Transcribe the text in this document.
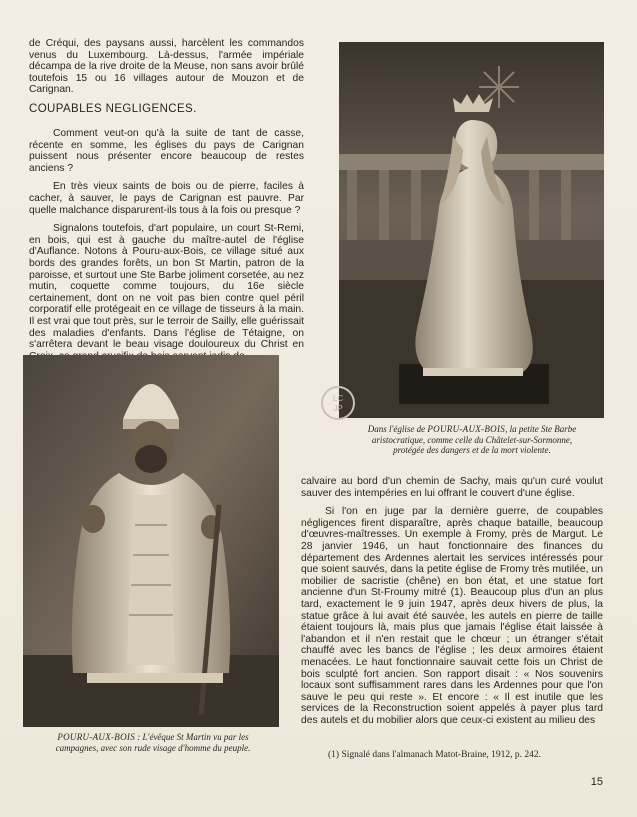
de Créqui, des paysans aussi, harcèlent les commandos venus du Luxembourg. Là-dessus, l'armée impériale décampa de la rive droite de la Meuse, non sans avoir brûlé toutefois 15 ou 16 villages autour de Mouzon et de Carignan.

COUPABLES NEGLIGENCES.

Comment veut-on qu'à la suite de tant de casse, récente en somme, les églises du pays de Carignan puissent nous présenter encore beaucoup de restes anciens ?

En très vieux saints de bois ou de pierre, faciles à cacher, à sauver, le pays de Carignan est pauvre. Par quelle malchance disparurent-ils tous à la fois ou presque ?

Signalons toutefois, d'art populaire, un court St-Remi, en bois, qui est à gauche du maître-autel de l'église d'Auflance. Notons à Pouru-aux-Bois, ce village situé aux bords des grandes forêts, un bon St Martin, patron de la paroisse, et surtout une Ste Barbe joliment corsetée, au nez mutin, coquette comme toujours, du 16e siècle certainement, dont on ne voit pas bien contre quel péril corporatif elle protégeait en ce village de tisseurs à la main. Il est vrai que tout près, sur le terroir de Sailly, elle guérissait des maladies d'enfants. Dans l'église de Tétaigne, on s'arrêtera devant le beau visage douloureux du Christ en

Dans l'église de POURU-AUX-BOIS, la petite Ste Barbe
aristocratique, comme celle du Châtelet-sur-Sormonne,
protégée des dangers et de la mort violente.
LC
JP
POURU-AUX-BOIS : L'évêque St Martin vu par les
campagnes, avec son rude visage d'homme du peuple.

calvaire au bord d'un chemin de Sachy, mais qu'un curé voulut sauver des intempéries en lui offrant le couvert d'une église.

Si l'on en juge par la dernière guerre, de coupables négligences firent disparaître, après chaque bataille, beaucoup d'œuvres-maîtresses. Un exemple à Fromy, près de Margut. Le 28 janvier 1946, un haut fonctionnaire des finances du département des Ardennes alertait les services intéressés pour que soient sauvés, dans la petite église de Fromy très mutilée, un mobilier de sacristie (chêne) en bon état, et une statue fort ancienne d'un St-Froumy mitré (1). Beaucoup plus d'un an plus tard, exactement le 9 juin 1947, après deux hivers de plus, la statue grâce à lui avait été sauvée, les autels en pierre de taille étaient toujours là, mais plus que jamais l'église était laissée à l'abandon et il n'en restait que le chœur ; un étranger s'était chauffé avec les bancs de l'église ; les deux armoires étaient menacées. Le haut fonctionnaire sauvait cette fois un Christ de bois sculpté fort ancien. Son rapport disait : « Nos souvenirs locaux sont suffisamment rares dans les Ardennes pour que l'on sauve le peu qui reste ». Et encore : « Il est inutile que les services de la Reconstruction soient appelés à payer plus tard des autels et du mobilier alors que ceux-ci existent au milieu des

(1) Signalé dans l'almanach Matot-Braine, 1912, p. 242.
15
